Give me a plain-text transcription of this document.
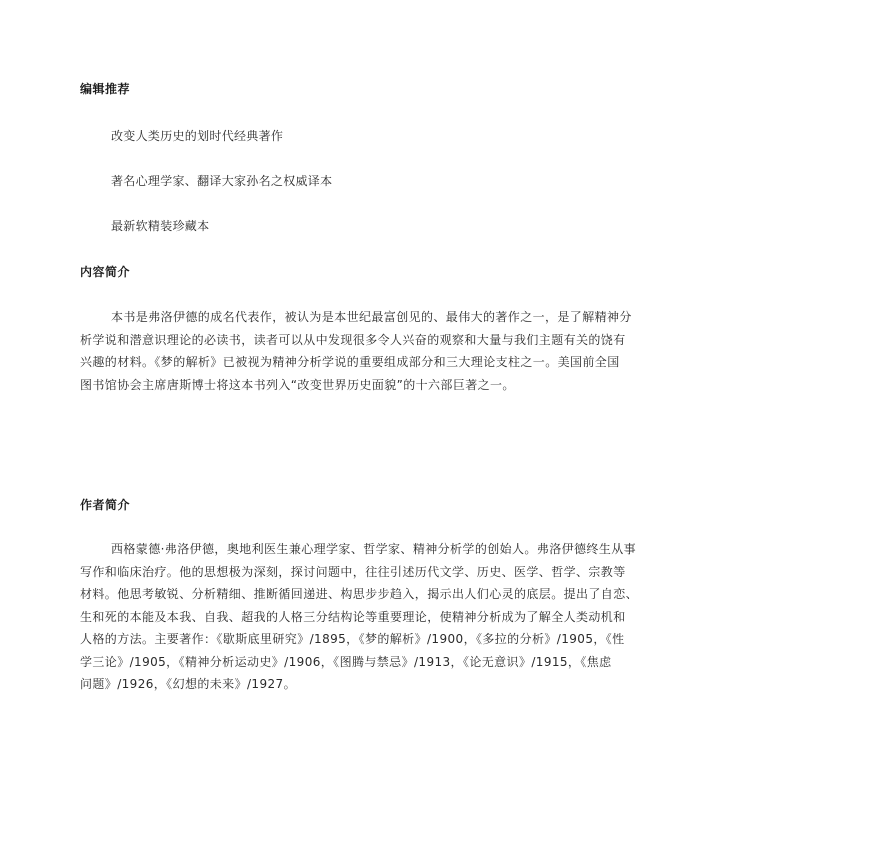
编辑推荐
改变人类历史的划时代经典著作
著名心理学家、翻译大家孙名之权威译本
最新软精装珍藏本
内容简介
本书是弗洛伊德的成名代表作，被认为是本世纪最富创见的、最伟大的著作之一，是了解精神分
析学说和潜意识理论的必读书，读者可以从中发现很多令人兴奋的观察和大量与我们主题有关的饶有
兴趣的材料。《梦的解析》已被视为精神分析学说的重要组成部分和三大理论支柱之一。美国前全国
图书馆协会主席唐斯博士将这本书列入“改变世界历史面貌”的十六部巨著之一。
作者简介
西格蒙德·弗洛伊德，奥地利医生兼心理学家、哲学家、精神分析学的创始人。弗洛伊德终生从事
写作和临床治疗。他的思想极为深刻，探讨问题中，往往引述历代文学、历史、医学、哲学、宗教等
材料。他思考敏锐、分析精细、推断循回递进、构思步步趋入，揭示出人们心灵的底层。提出了自恋、
生和死的本能及本我、自我、超我的人格三分结构论等重要理论，使精神分析成为了解全人类动机和
人格的方法。主要著作：《歇斯底里研究》/1895，《梦的解析》/1900，《多拉的分析》/1905，《性
学三论》/1905，《精神分析运动史》/1906，《图腾与禁忌》/1913，《论无意识》/1915，《焦虑
问题》/1926，《幻想的未来》/1927。
